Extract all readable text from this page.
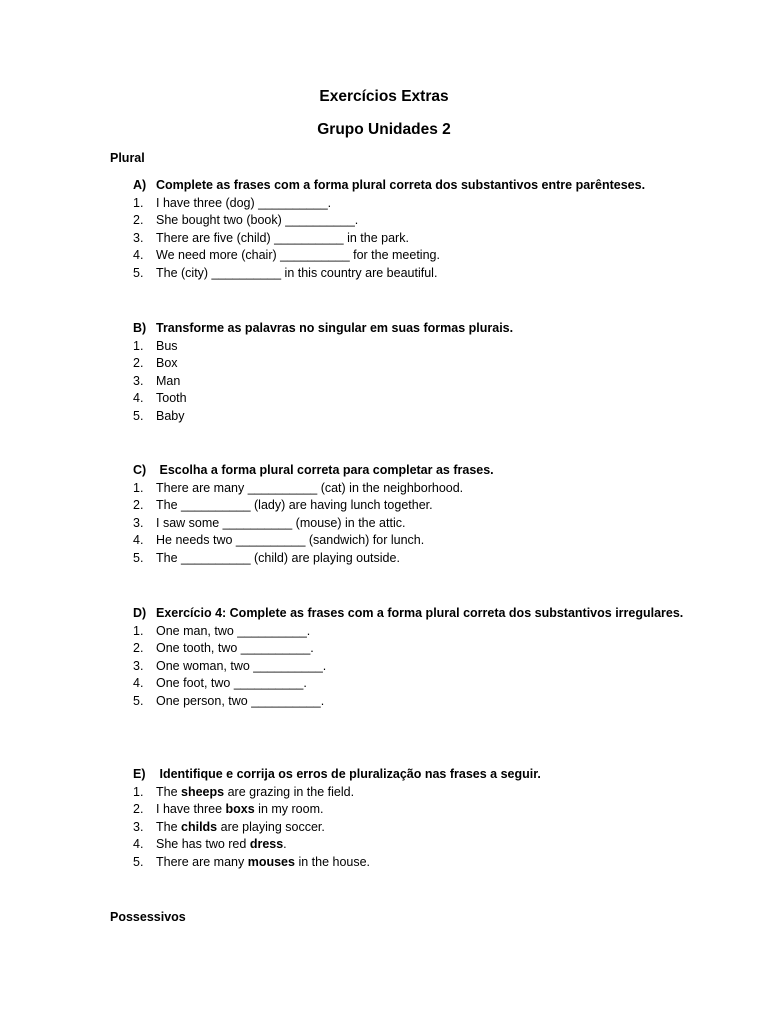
Exercícios Extras
Grupo Unidades 2
Plural
A) Complete as frases com a forma plural correta dos substantivos entre parênteses.
1.	I have three (dog) __________.
2.	She bought two (book) __________.
3.	There are five (child) __________ in the park.
4.	We need more (chair) __________ for the meeting.
5.	The (city) __________ in this country are beautiful.
B) Transforme as palavras no singular em suas formas plurais.
1.	Bus
2.	Box
3.	Man
4.	Tooth
5.	Baby
C) Escolha a forma plural correta para completar as frases.
1.	There are many __________ (cat) in the neighborhood.
2.	The __________ (lady) are having lunch together.
3.	I saw some __________ (mouse) in the attic.
4.	He needs two __________ (sandwich) for lunch.
5.	The __________ (child) are playing outside.
D) Exercício 4: Complete as frases com a forma plural correta dos substantivos irregulares.
1.	One man, two __________.
2.	One tooth, two __________.
3.	One woman, two __________.
4.	One foot, two __________.
5.	One person, two __________.
E) Identifique e corrija os erros de pluralização nas frases a seguir.
1.	The sheeps are grazing in the field.
2.	I have three boxs in my room.
3.	The childs are playing soccer.
4.	She has two red dress.
5.	There are many mouses in the house.
Possessivos
